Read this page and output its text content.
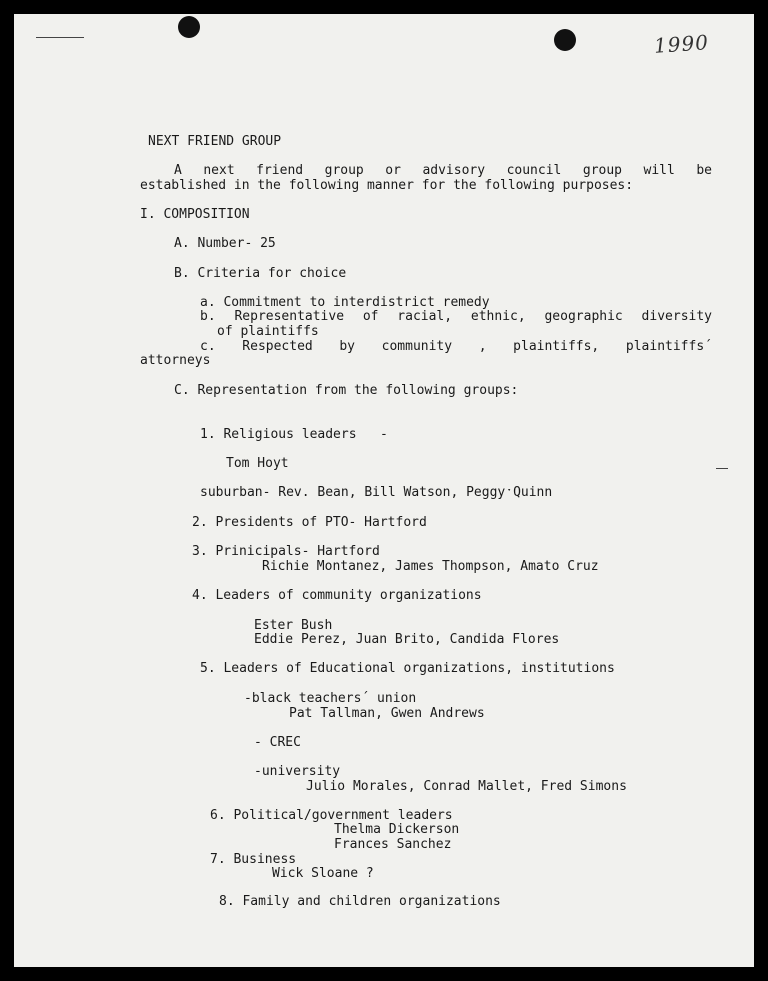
1990
NEXT FRIEND GROUP
A next friend group or advisory council group will be
established in the following manner for the following purposes:
I. COMPOSITION
A. Number- 25
B. Criteria for choice
a. Commitment to interdistrict remedy
b. Representative of racial, ethnic, geographic diversity
of plaintiffs
c. Respected by community , plaintiffs, plaintiffs´
attorneys
C. Representation from the following groups:
1. Religious leaders   -
Tom Hoyt
suburban- Rev. Bean, Bill Watson, PeggyˑQuinn
2. Presidents of PTO- Hartford
3. Prinicipals- Hartford
Richie Montanez, James Thompson, Amato Cruz
4. Leaders of community organizations
Ester Bush
Eddie Perez, Juan Brito, Candida Flores
5. Leaders of Educational organizations, institutions
-black teachers´ union
Pat Tallman, Gwen Andrews
- CREC
-university
Julio Morales, Conrad Mallet, Fred Simons
6. Political/government leaders
Thelma Dickerson
Frances Sanchez
7. Business
Wick Sloane ?
8. Family and children organizations
